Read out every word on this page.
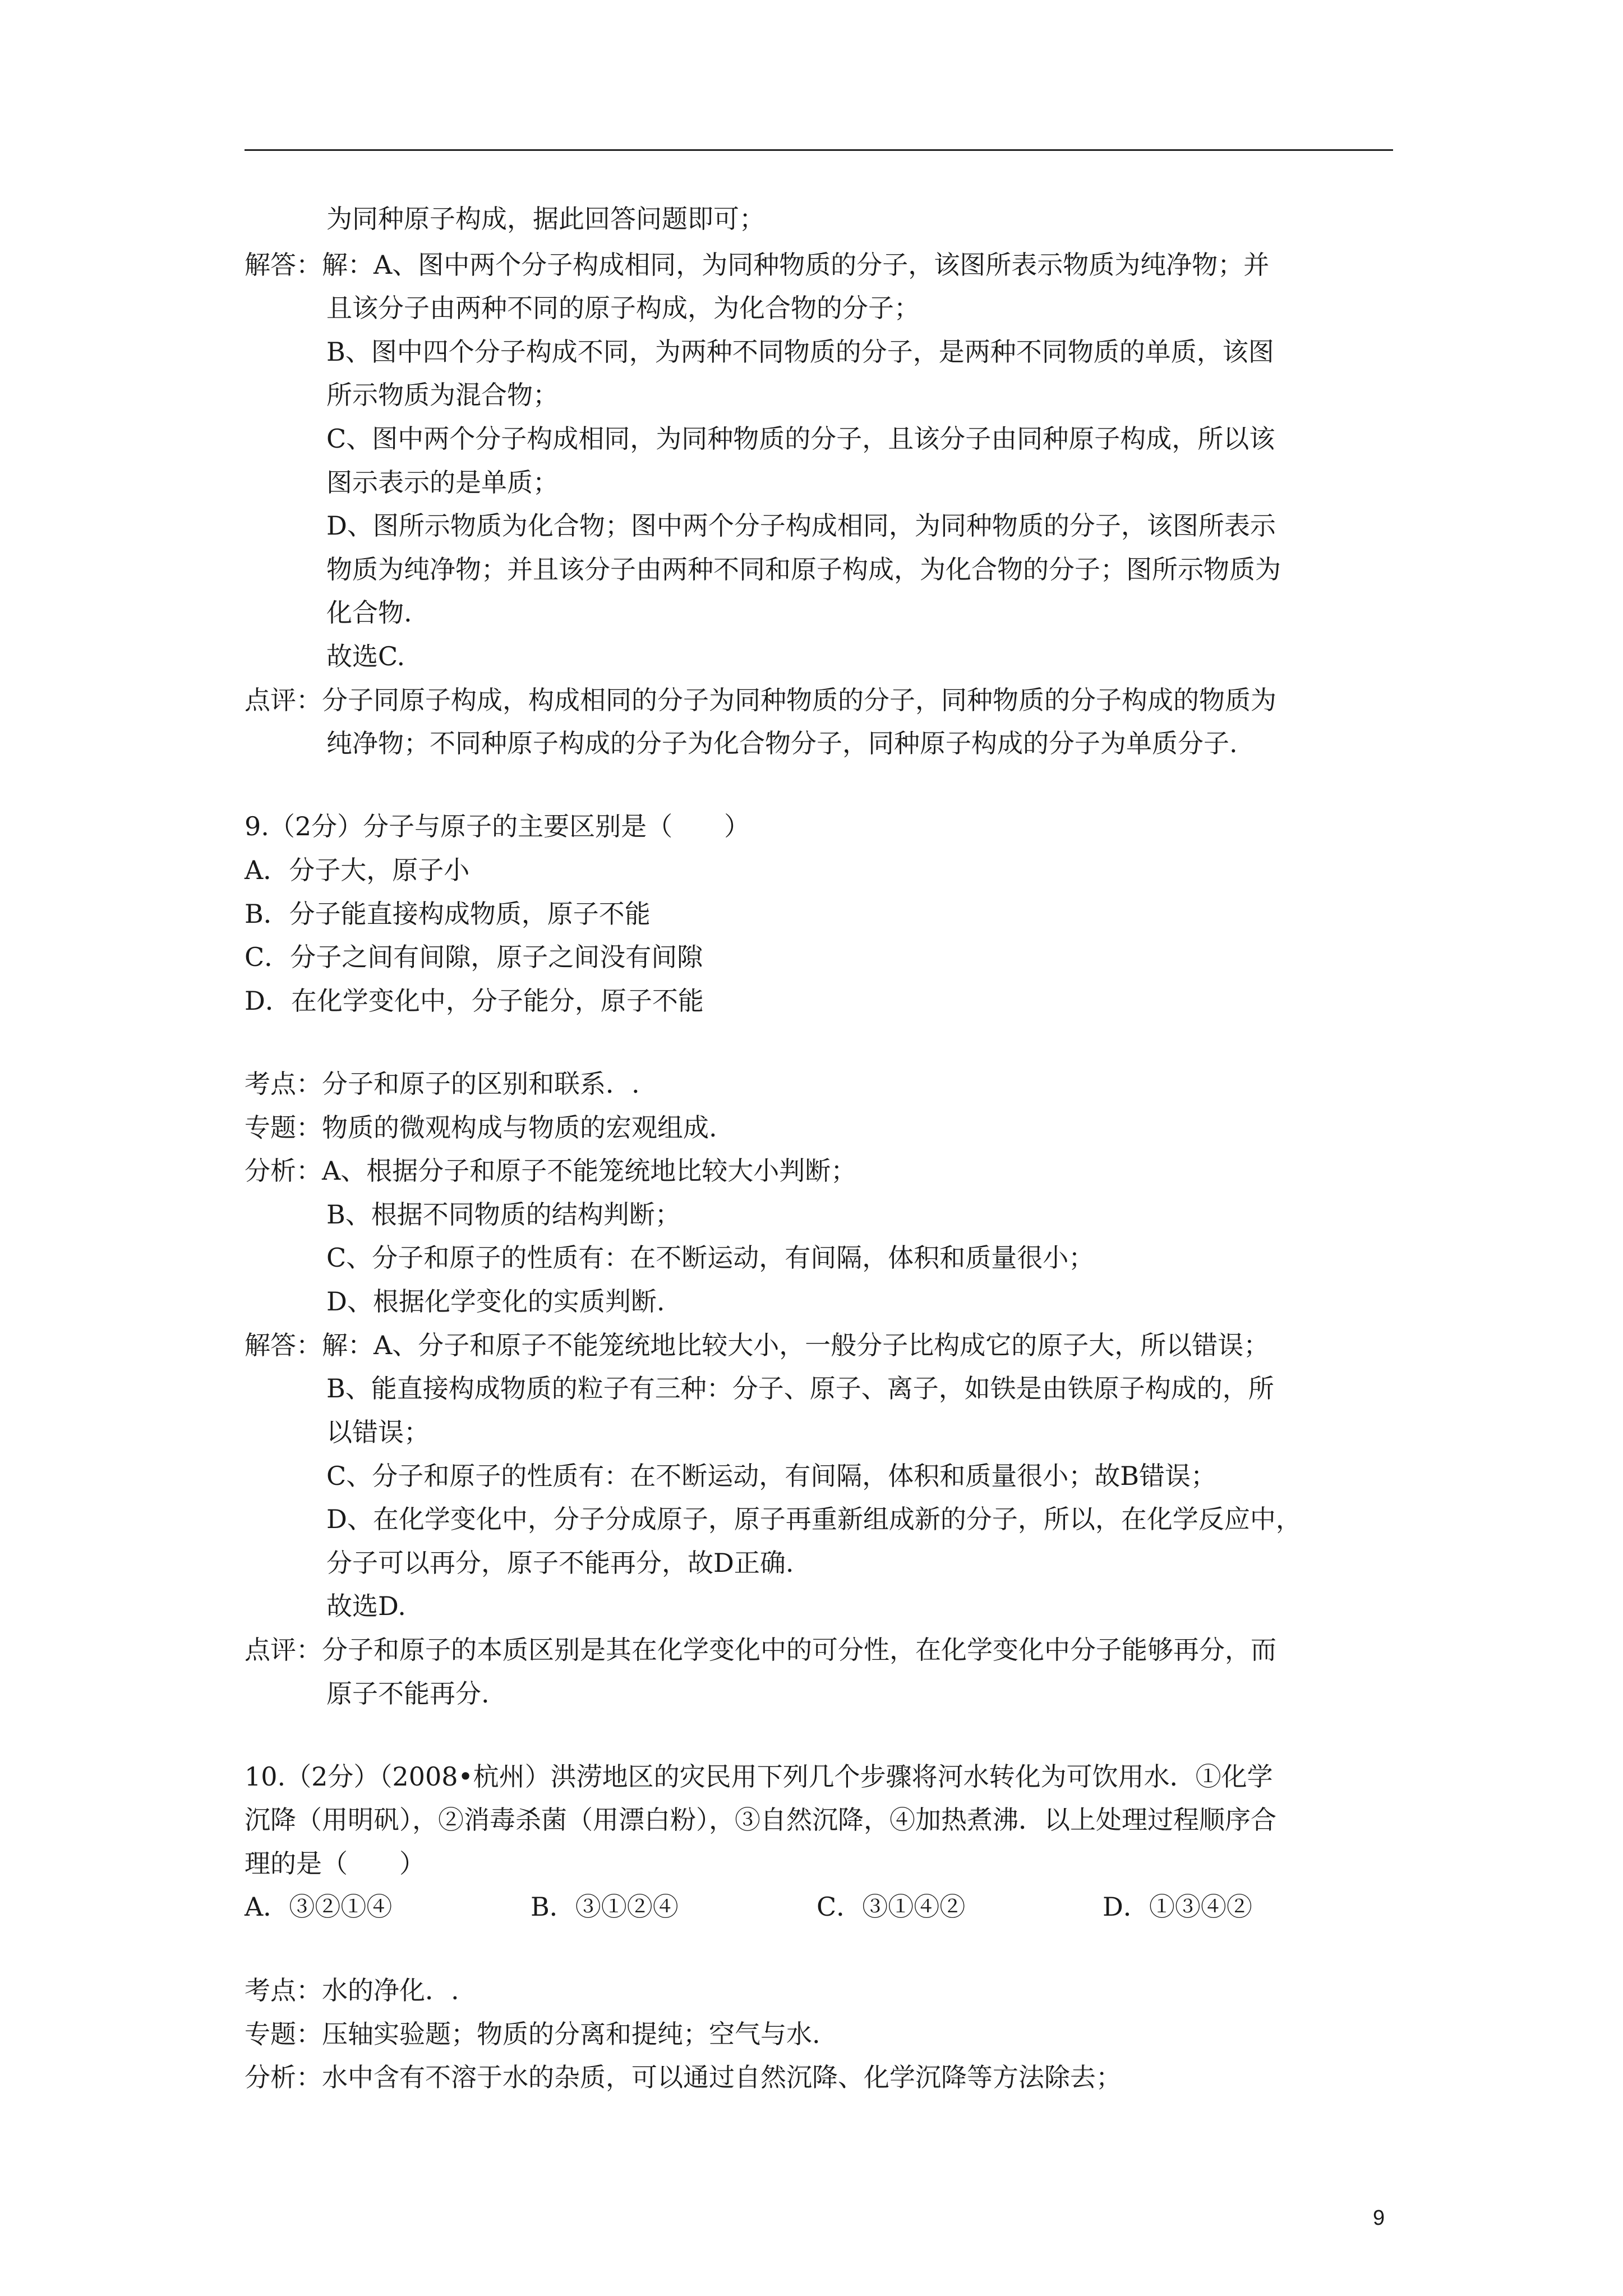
为同种原子构成，据此回答问题即可；
解答：解：A、图中两个分子构成相同，为同种物质的分子，该图所表示物质为纯净物；并
且该分子由两种不同的原子构成，为化合物的分子；
B、图中四个分子构成不同，为两种不同物质的分子，是两种不同物质的单质，该图
所示物质为混合物；
C、图中两个分子构成相同，为同种物质的分子，且该分子由同种原子构成，所以该
图示表示的是单质；
D、图所示物质为化合物；图中两个分子构成相同，为同种物质的分子，该图所表示
物质为纯净物；并且该分子由两种不同和原子构成，为化合物的分子；图所示物质为
化合物.
故选C.
点评：分子同原子构成，构成相同的分子为同种物质的分子，同种物质的分子构成的物质为
纯净物；不同种原子构成的分子为化合物分子，同种原子构成的分子为单质分子.
9.（2分）分子与原子的主要区别是（　　）
A．分子大，原子小
B．分子能直接构成物质，原子不能
C．分子之间有间隙，原子之间没有间隙
D．在化学变化中，分子能分，原子不能
考点：分子和原子的区别和联系．.
专题：物质的微观构成与物质的宏观组成.
分析：A、根据分子和原子不能笼统地比较大小判断；
B、根据不同物质的结构判断；
C、分子和原子的性质有：在不断运动，有间隔，体积和质量很小；
D、根据化学变化的实质判断.
解答：解：A、分子和原子不能笼统地比较大小，一般分子比构成它的原子大，所以错误；
B、能直接构成物质的粒子有三种：分子、原子、离子，如铁是由铁原子构成的，所
以错误；
C、分子和原子的性质有：在不断运动，有间隔，体积和质量很小；故B错误；
D、在化学变化中，分子分成原子，原子再重新组成新的分子，所以，在化学反应中，
分子可以再分，原子不能再分，故D正确.
故选D.
点评：分子和原子的本质区别是其在化学变化中的可分性，在化学变化中分子能够再分，而
原子不能再分.
10.（2分）（2008•杭州）洪涝地区的灾民用下列几个步骤将河水转化为可饮用水．①化学
沉降（用明矾），②消毒杀菌（用漂白粉），③自然沉降，④加热煮沸．以上处理过程顺序合
理的是（　　）
A．③②①④	B．③①②④	C．③①④②	D．①③④②
考点：水的净化．.
专题：压轴实验题；物质的分离和提纯；空气与水.
分析：水中含有不溶于水的杂质，可以通过自然沉降、化学沉降等方法除去；
9
